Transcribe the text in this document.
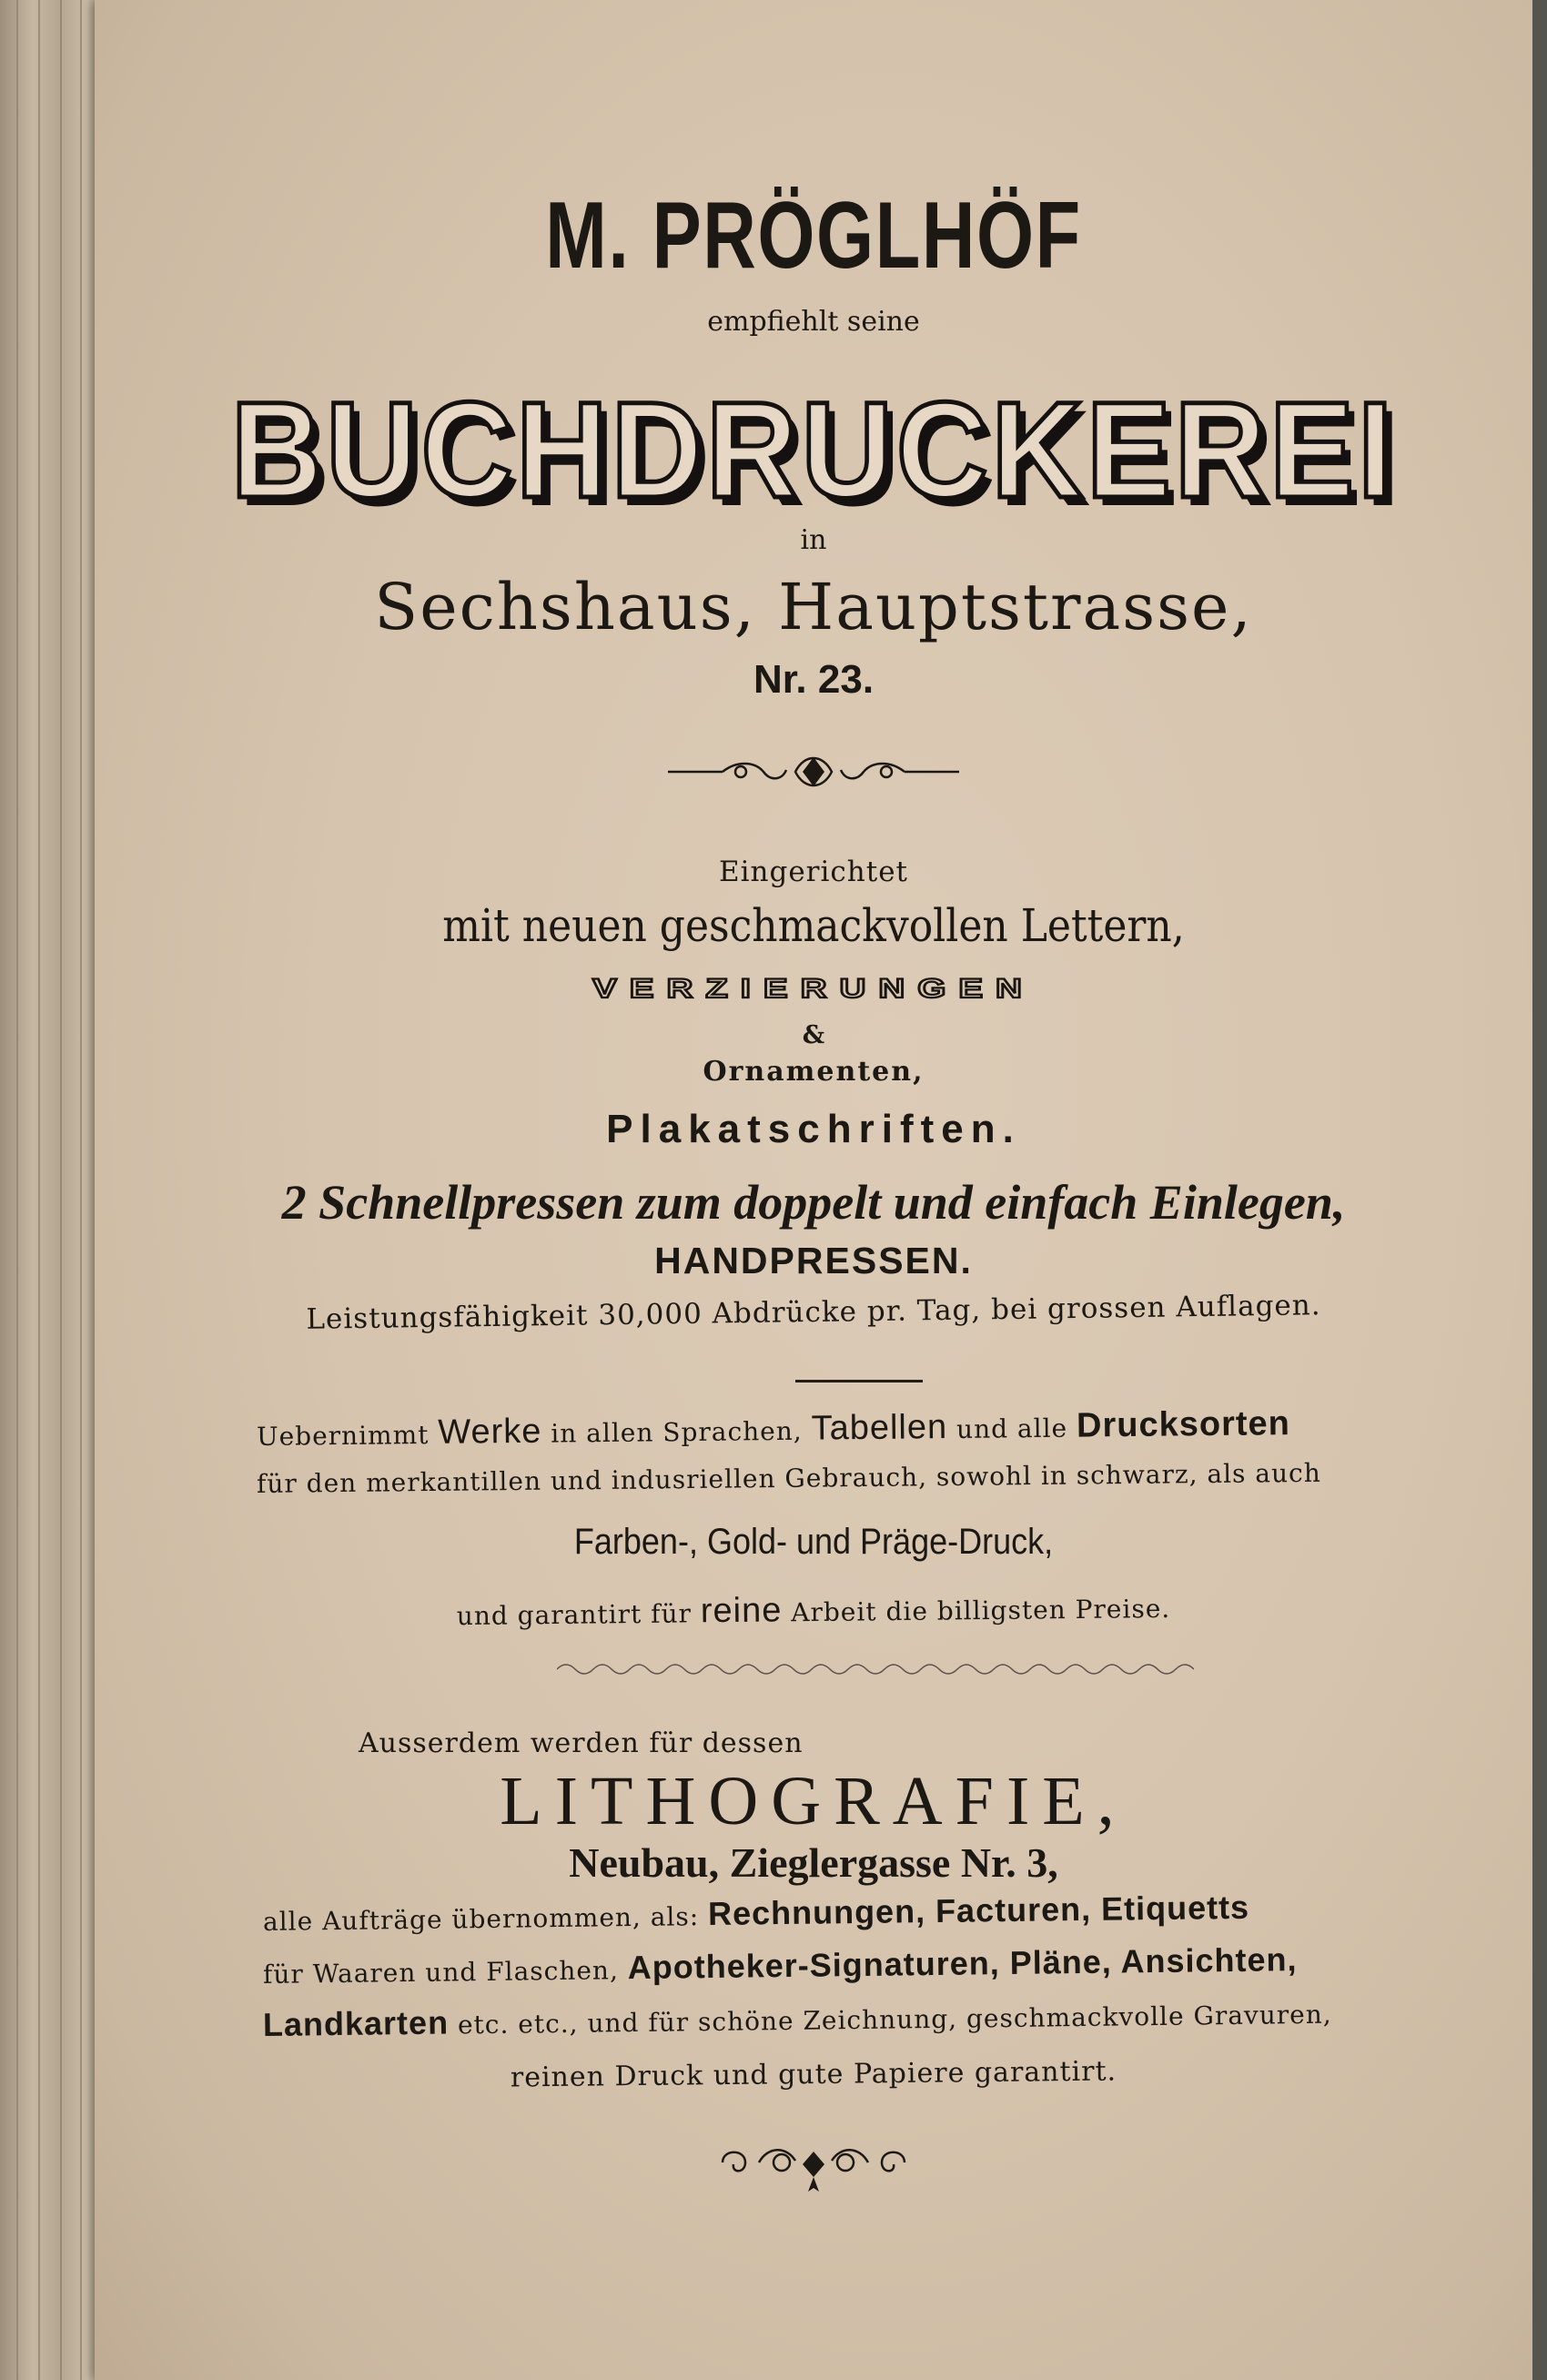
M. PRÖGLHÖF
empfiehlt seine
BUCHDRUCKEREI
in
Sechshaus, Hauptstrasse,
Nr. 23.
Eingerichtet
mit neuen geschmackvollen Lettern,
VERZIERUNGEN
&
Ornamenten,
Plakatschriften.
2 Schnellpressen zum doppelt und einfach Einlegen,
HANDPRESSEN.
Leistungsfähigkeit 30,000 Abdrücke pr. Tag, bei grossen Auflagen.
Uebernimmt Werke in allen Sprachen, Tabellen und alle Drucksorten
für den merkantillen und indusriellen Gebrauch, sowohl in schwarz, als auch
Farben-, Gold- und Präge-Druck,
und garantirt für reine Arbeit die billigsten Preise.
Ausserdem werden für dessen
LITHOGRAFIE,
Neubau, Zieglergasse Nr. 3,
alle Aufträge übernommen, als: Rechnungen, Facturen, Etiquetts
für Waaren und Flaschen, Apotheker-Signaturen, Pläne, Ansichten,
Landkarten etc. etc., und für schöne Zeichnung, geschmackvolle Gravuren,
reinen Druck und gute Papiere garantirt.
